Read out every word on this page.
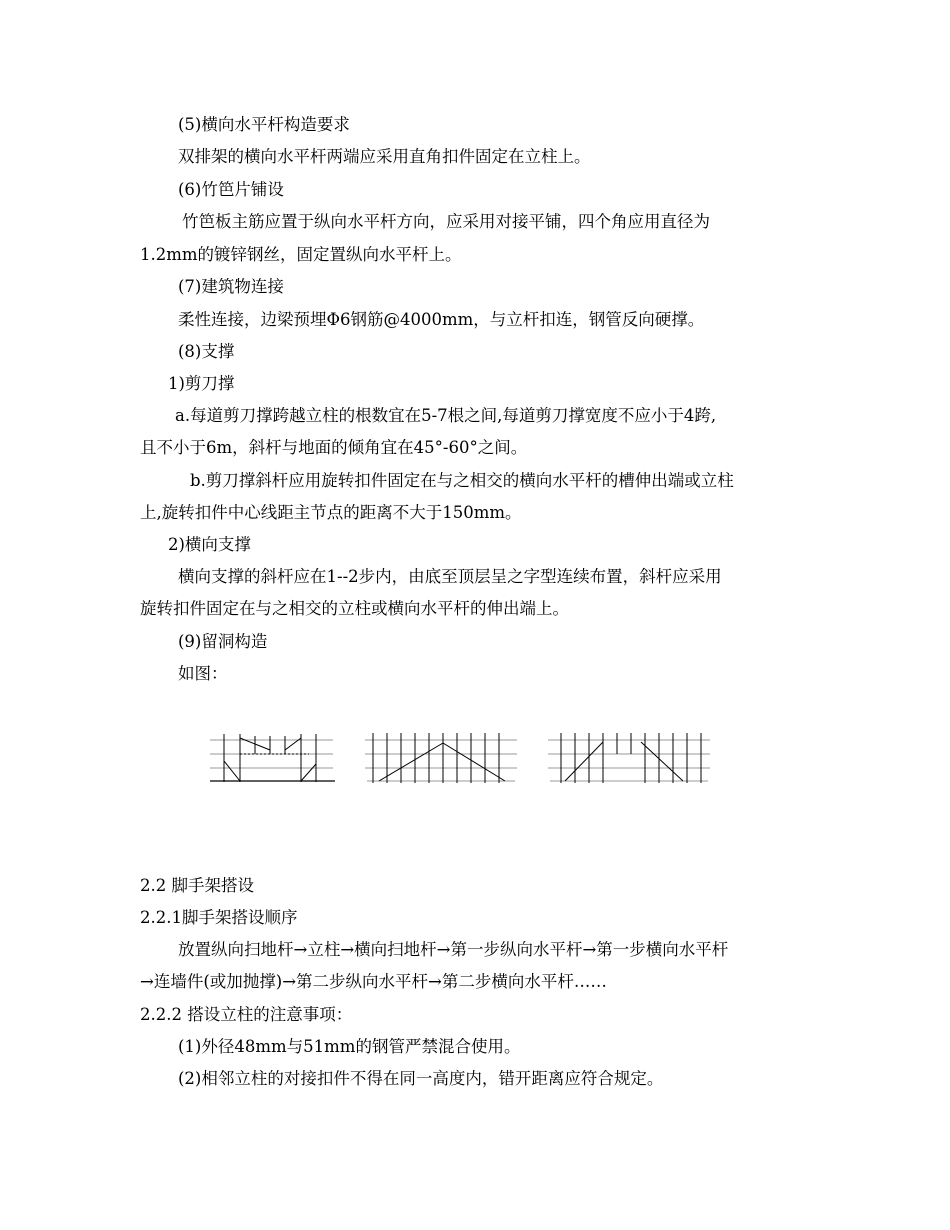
(5)横向水平杆构造要求
双排架的横向水平杆两端应采用直角扣件固定在立柱上。
(6)竹笆片铺设
竹笆板主筋应置于纵向水平杆方向，应采用对接平铺，四个角应用直径为
1.2mm的镀锌钢丝，固定置纵向水平杆上。
(7)建筑物连接
柔性连接，边梁预埋Φ6钢筋@4000mm，与立杆扣连，钢管反向硬撑。
(8)支撑
1)剪刀撑
a.每道剪刀撑跨越立柱的根数宜在5-7根之间,每道剪刀撑宽度不应小于4跨,
且不小于6m，斜杆与地面的倾角宜在45°-60°之间。
b.剪刀撑斜杆应用旋转扣件固定在与之相交的横向水平杆的槽伸出端或立柱
上,旋转扣件中心线距主节点的距离不大于150mm。
2)横向支撑
横向支撑的斜杆应在1--2步内，由底至顶层呈之字型连续布置，斜杆应采用
旋转扣件固定在与之相交的立柱或横向水平杆的伸出端上。
(9)留洞构造
如图：
2.2 脚手架搭设
2.2.1脚手架搭设顺序
放置纵向扫地杆→立柱→横向扫地杆→第一步纵向水平杆→第一步横向水平杆
→连墙件(或加抛撑)→第二步纵向水平杆→第二步横向水平杆……
2.2.2 搭设立柱的注意事项：
(1)外径48mm与51mm的钢管严禁混合使用。
(2)相邻立柱的对接扣件不得在同一高度内，错开距离应符合规定。
